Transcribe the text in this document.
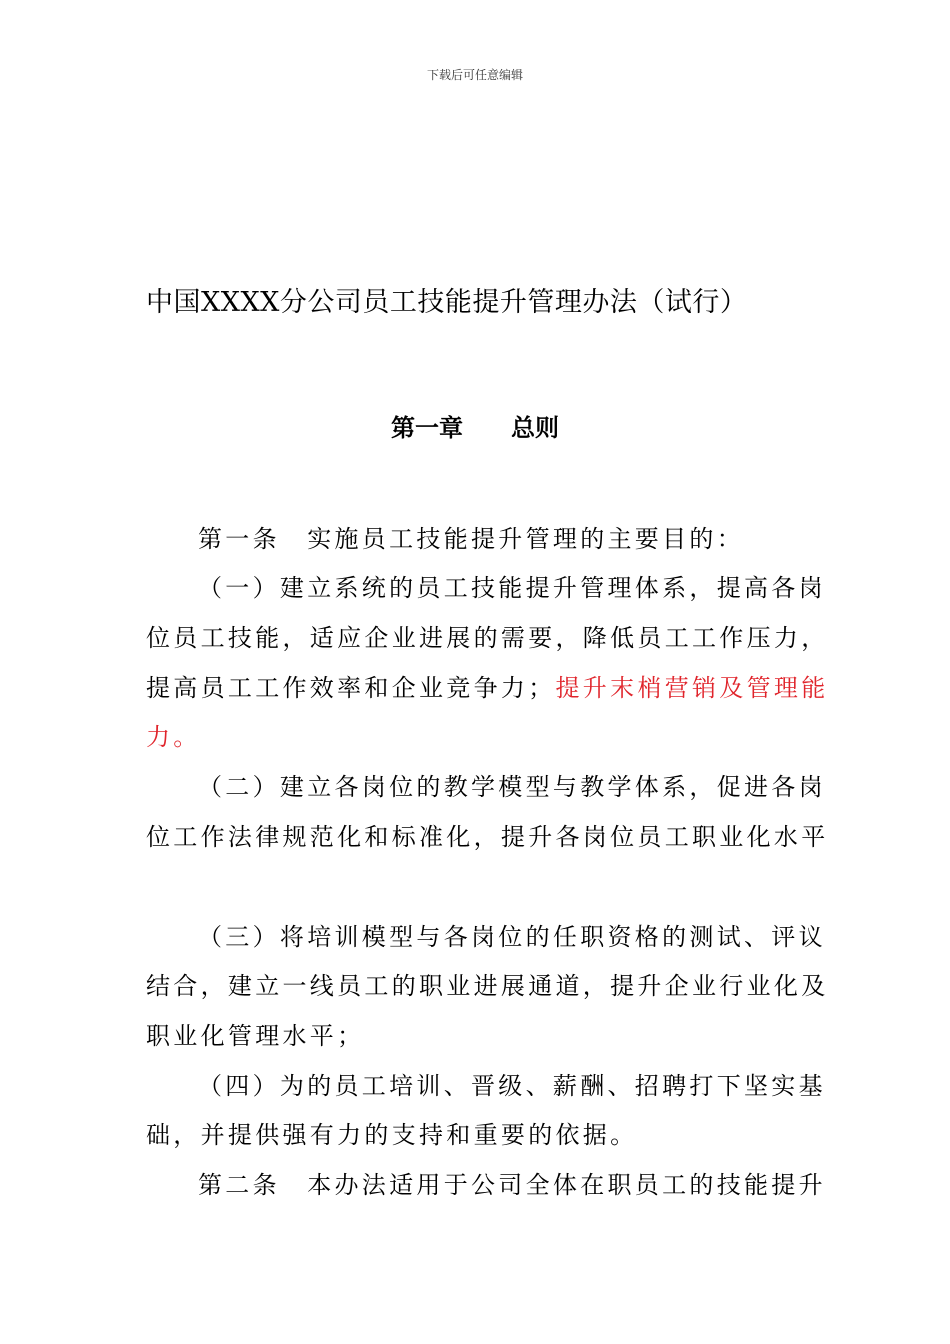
下载后可任意编辑
中国XXXX分公司员工技能提升管理办法（试行）
第一章　　总则
第一条　实施员工技能提升管理的主要目的：
（一）建立系统的员工技能提升管理体系，提高各岗
位员工技能，适应企业进展的需要，降低员工工作压力，
提高员工工作效率和企业竞争力；提升末梢营销及管理能
力。
（二）建立各岗位的教学模型与教学体系，促进各岗
位工作法律规范化和标准化，提升各岗位员工职业化水平
（三）将培训模型与各岗位的任职资格的测试、评议
结合，建立一线员工的职业进展通道，提升企业行业化及
职业化管理水平；
（四）为的员工培训、晋级、薪酬、招聘打下坚实基
础，并提供强有力的支持和重要的依据。
第二条　本办法适用于公司全体在职员工的技能提升
